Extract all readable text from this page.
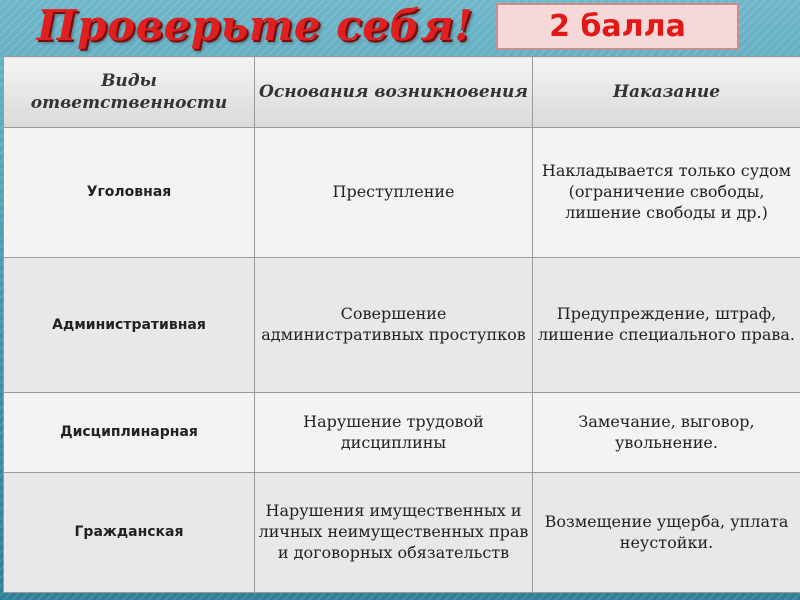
Проверьте себя!	2 балла
Виды ответственности	Основания возникновения	Наказание
Уголовная	Преступление	Накладывается только судом (ограничение свободы, лишение свободы и др.)
Административная	Совершение административных проступков	Предупреждение, штраф, лишение специального права.
Дисциплинарная	Нарушение трудовой дисциплины	Замечание, выговор, увольнение.
Гражданская	Нарушения имущественных и личных неимущественных прав и договорных обязательств	Возмещение ущерба, уплата неустойки.
